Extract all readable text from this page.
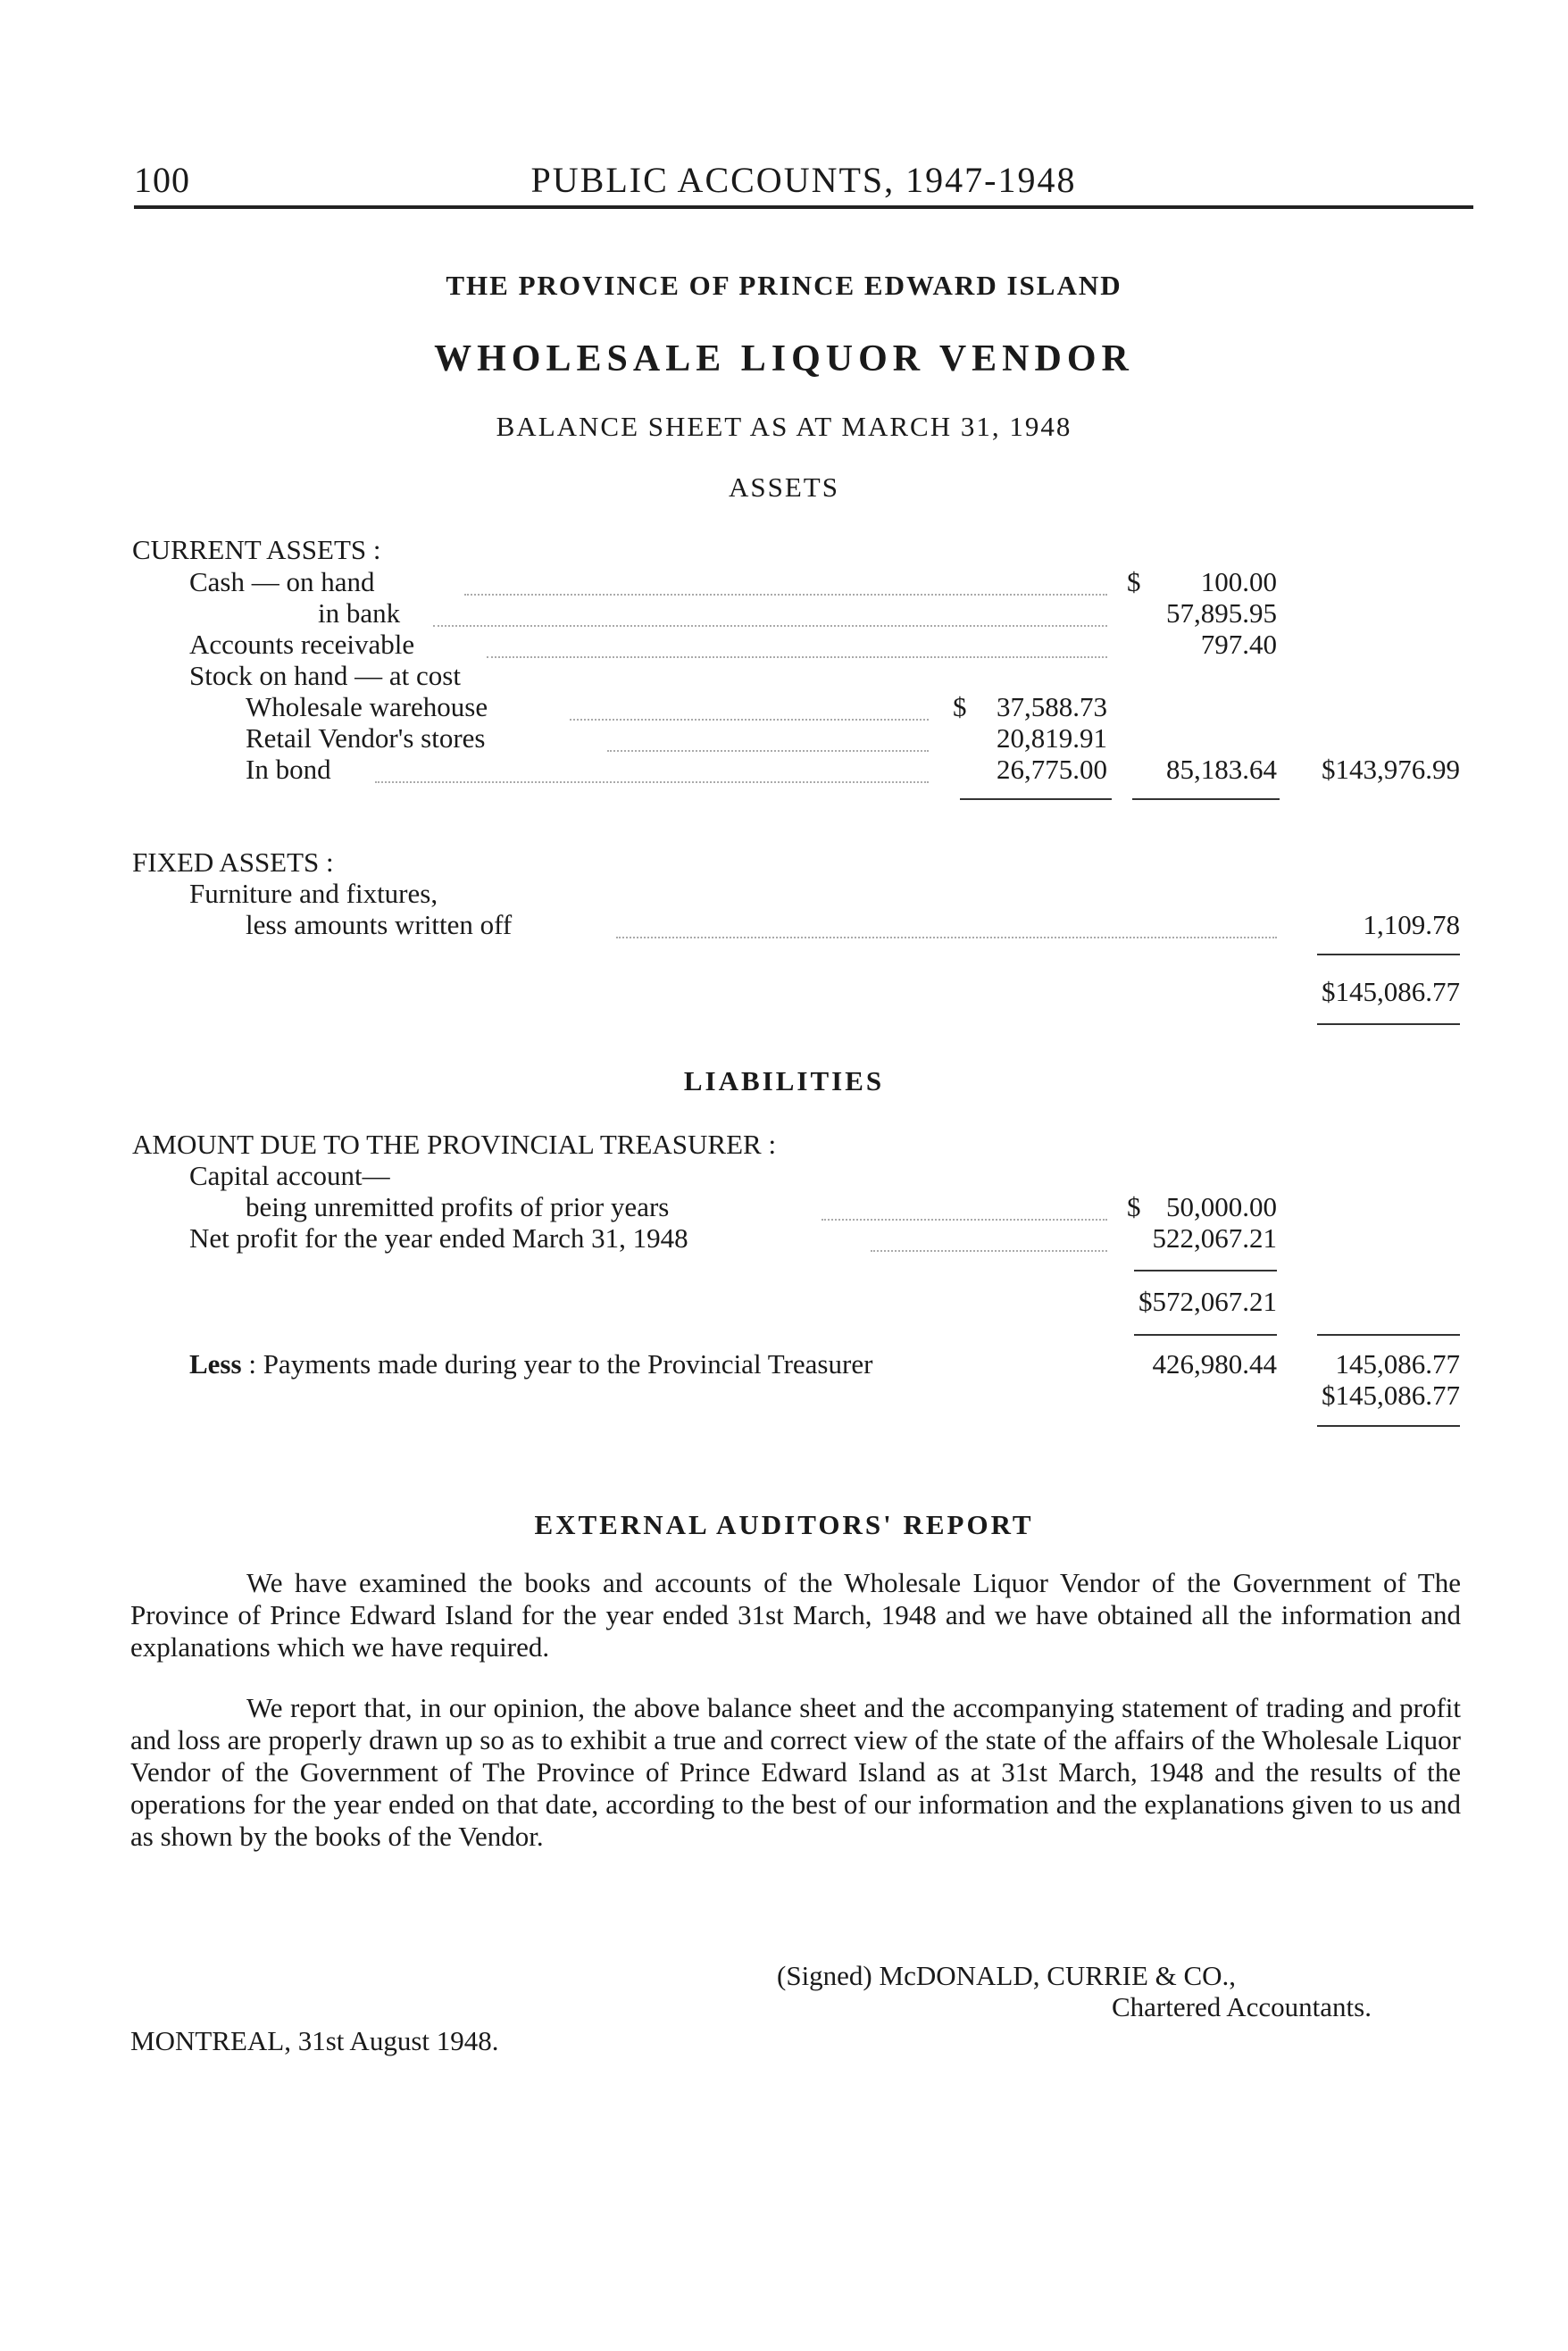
100	PUBLIC ACCOUNTS, 1947-1948
THE PROVINCE OF PRINCE EDWARD ISLAND
WHOLESALE LIQUOR VENDOR
BALANCE SHEET AS AT MARCH 31, 1948
ASSETS
CURRENT ASSETS :
Cash — on hand	$	100.00
in bank	57,895.95
Accounts receivable	797.40
Stock on hand — at cost
Wholesale warehouse	$	37,588.73
Retail Vendor's stores	20,819.91
In bond	26,775.00	85,183.64	$143,976.99
FIXED ASSETS :
Furniture and fixtures,
less amounts written off	1,109.78
$145,086.77
LIABILITIES
AMOUNT DUE TO THE PROVINCIAL TREASURER :
Capital account—
being unremitted profits of prior years	$ 50,000.00
Net profit for the year ended March 31, 1948	522,067.21
$572,067.21
Less : Payments made during year to the Provincial Treasurer	426,980.44	145,086.77
$145,086.77
EXTERNAL AUDITORS' REPORT
We have examined the books and accounts of the Wholesale Liquor Vendor of the Government of The Province of Prince Edward Island for the year ended 31st March, 1948 and we have obtained all the information and explanations which we have required.
We report that, in our opinion, the above balance sheet and the accompanying statement of trading and profit and loss are properly drawn up so as to exhibit a true and correct view of the state of the affairs of the Wholesale Liquor Vendor of the Government of The Province of Prince Edward Island as at 31st March, 1948 and the results of the operations for the year ended on that date, according to the best of our information and the explanations given to us and as shown by the books of the Vendor.
(Signed) McDONALD, CURRIE & CO.,
Chartered Accountants.
MONTREAL, 31st August 1948.
